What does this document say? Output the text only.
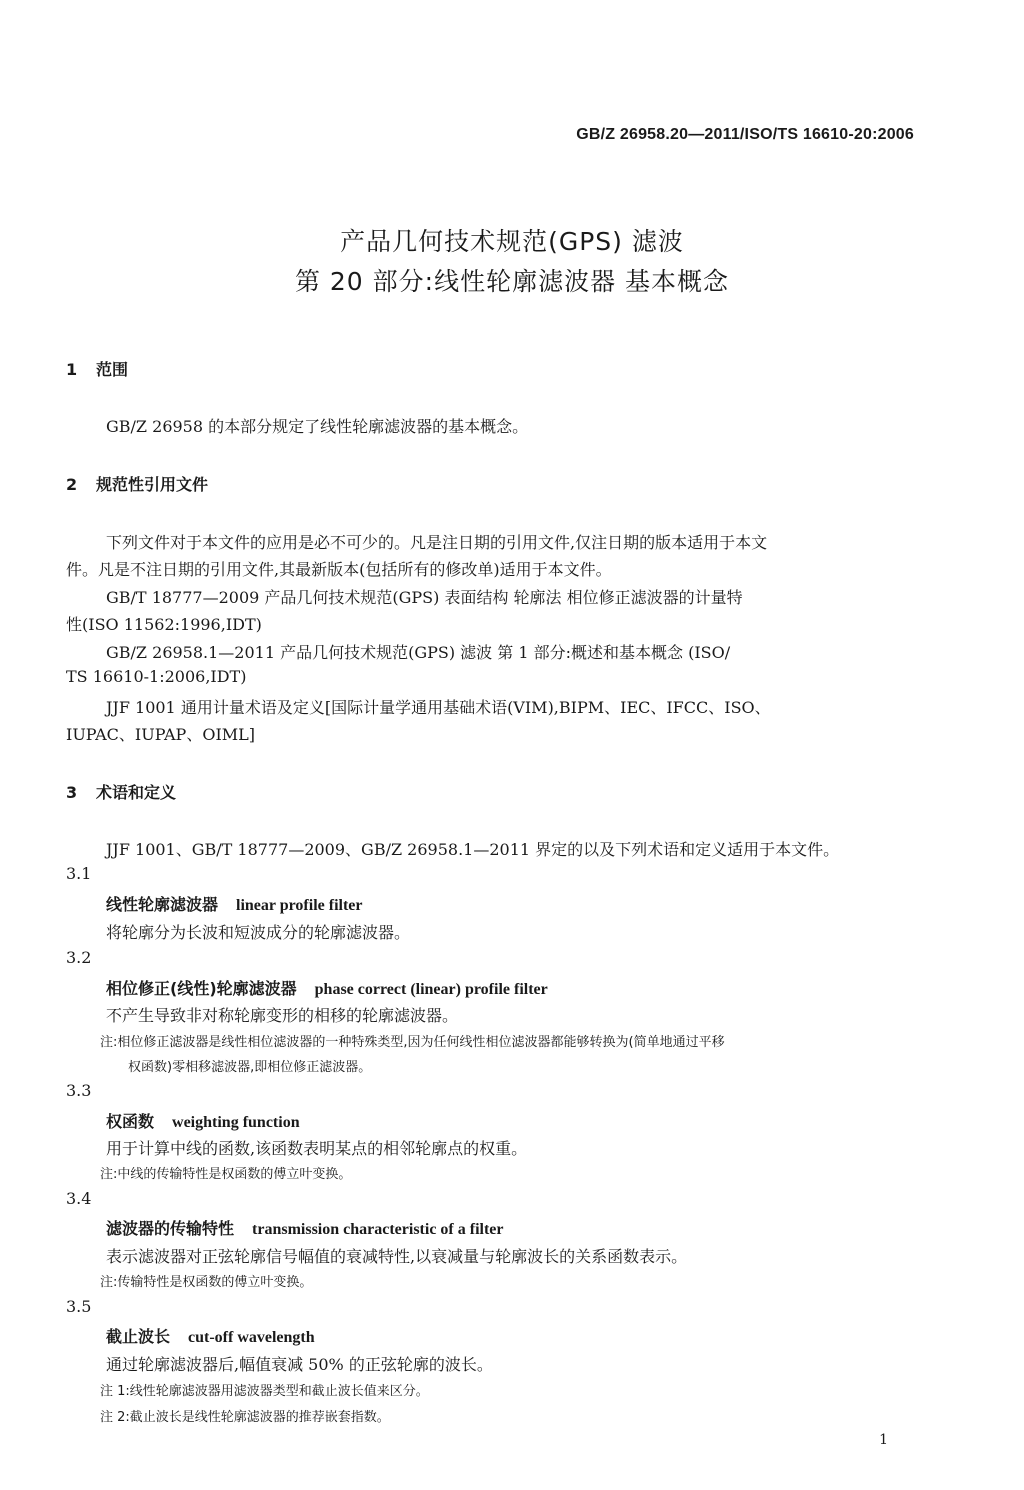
GB/Z 26958.20—2011/ISO/TS 16610-20:2006
产品几何技术规范(GPS) 滤波
第 20 部分:线性轮廓滤波器 基本概念
1 范围
GB/Z 26958 的本部分规定了线性轮廓滤波器的基本概念。
2 规范性引用文件
下列文件对于本文件的应用是必不可少的。凡是注日期的引用文件,仅注日期的版本适用于本文
件。凡是不注日期的引用文件,其最新版本(包括所有的修改单)适用于本文件。
GB/T 18777—2009 产品几何技术规范(GPS) 表面结构 轮廓法 相位修正滤波器的计量特
性(ISO 11562:1996,IDT)
GB/Z 26958.1—2011 产品几何技术规范(GPS) 滤波 第 1 部分:概述和基本概念 (ISO/
TS 16610-1:2006,IDT)
JJF 1001 通用计量术语及定义[国际计量学通用基础术语(VIM),BIPM、IEC、IFCC、ISO、
IUPAC、IUPAP、OIML]
3 术语和定义
JJF 1001、GB/T 18777—2009、GB/Z 26958.1—2011 界定的以及下列术语和定义适用于本文件。
3.1
线性轮廓滤波器 linear profile filter
将轮廓分为长波和短波成分的轮廓滤波器。
3.2
相位修正(线性)轮廓滤波器 phase correct (linear) profile filter
不产生导致非对称轮廓变形的相移的轮廓滤波器。
注:相位修正滤波器是线性相位滤波器的一种特殊类型,因为任何线性相位滤波器都能够转换为(简单地通过平移
权函数)零相移滤波器,即相位修正滤波器。
3.3
权函数 weighting function
用于计算中线的函数,该函数表明某点的相邻轮廓点的权重。
注:中线的传输特性是权函数的傅立叶变换。
3.4
滤波器的传输特性 transmission characteristic of a filter
表示滤波器对正弦轮廓信号幅值的衰减特性,以衰减量与轮廓波长的关系函数表示。
注:传输特性是权函数的傅立叶变换。
3.5
截止波长 cut-off wavelength
通过轮廓滤波器后,幅值衰减 50% 的正弦轮廓的波长。
注 1:线性轮廓滤波器用滤波器类型和截止波长值来区分。
注 2:截止波长是线性轮廓滤波器的推荐嵌套指数。
1
